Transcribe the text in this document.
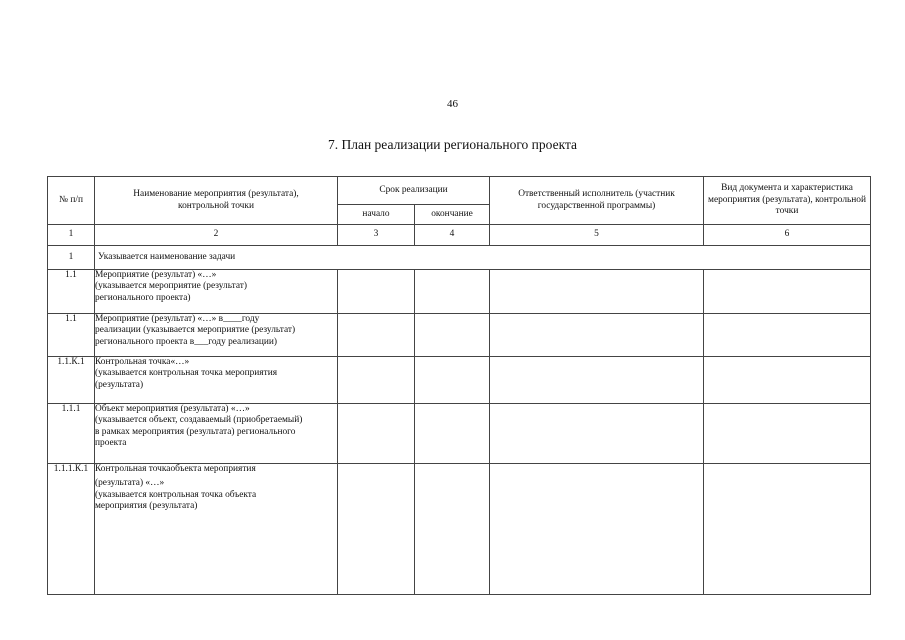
46
7. План реализации регионального проекта
№ п/п	Наименование мероприятия (результата), контрольной точки	Срок реализации		Ответственный исполнитель (участник государственной программы)	Вид документа и характеристика мероприятия (результата), контрольной точки
		начало	окончание		
1	2	3	4	5	6
1	Указывается наименование задачи				
1.1	Мероприятие (результат) «…»
(указывается мероприятие (результат)
регионального проекта)				

1.1	Мероприятие (результат) «…» в____году
реализации (указывается мероприятие (результат)
регионального проекта в___году реализации)				

1.1.К.1	Контрольная точка«…»
(указывается контрольная точка мероприятия
(результата)				

1.1.1	Объект мероприятия (результата) «…»
(указывается объект, создаваемый (приобретаемый)
в рамках мероприятия (результата) регионального
проекта				

1.1.1.К.1	Контрольная точкаобъекта мероприятия
(результата) «…»
(указывается контрольная точка объекта
мероприятия (результата)				
